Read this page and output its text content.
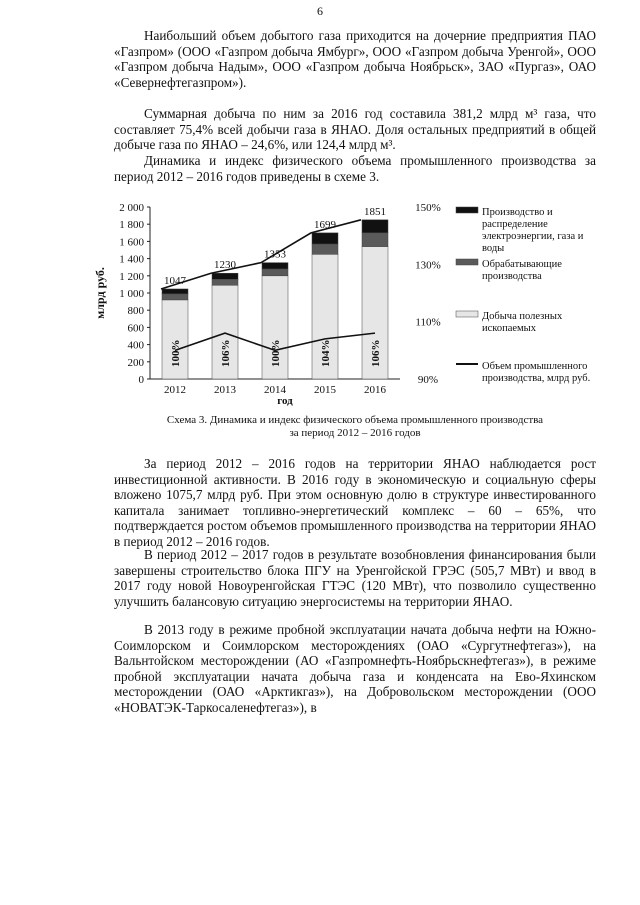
6

Наибольший объем добытого газа приходится на дочерние предприятия ПАО «Газпром» (ООО «Газпром добыча Ямбург», ООО «Газпром добыча Уренгой», ООО «Газпром добыча Надым», ООО «Газпром добыча Ноябрьск», ЗАО «Пургаз», ОАО «Севернефтегазпром»).

Суммарная добыча по ним за 2016 год составила 381,2 млрд м³ газа, что составляет 75,4% всей добычи газа в ЯНАО. Доля остальных предприятий в общей добыче газа по ЯНАО – 24,6%, или 124,4 млрд м³.

Динамика и индекс физического объема промышленного производства за период 2012 – 2016 годов приведены в схеме 3.

0
200
400
600
800
1 000
1 200
1 400
1 600
1 800
2 000
млрд руб.
90%
110%
130%
150%
1047
100%
2012
1230
106%
2013
1353
100%
2014
1699
104%
2015
1851
106%
2016
год
Производство и
распределение
электроэнергии, газа и
воды
Обрабатывающие
производства
Добыча полезных
ископаемых
Объем промышленного
производства, млрд руб.
Схема 3. Динамика и индекс физического объема промышленного производства
за период 2012 – 2016 годов

За период 2012 – 2016 годов на территории ЯНАО наблюдается рост инвестиционной активности. В 2016 году в экономическую и социальную сферы вложено 1075,7 млрд руб. При этом основную долю в структуре инвестированного капитала занимает топливно-энергетический комплекс – 60 – 65%, что подтверждается ростом объемов промышленного производства на территории ЯНАО в период 2012 – 2016 годов.

В период 2012 – 2017 годов в результате возобновления финансирования были завершены строительство блока ПГУ на Уренгойской ГРЭС (505,7 МВт) и ввод в 2017 году новой Новоуренгойская ГТЭС (120 МВт), что позволило существенно улучшить балансовую ситуацию энергосистемы на территории ЯНАО.

В 2013 году в режиме пробной эксплуатации начата добыча нефти на Южно-Соимлорском и Соимлорском месторождениях (ОАО «Сургутнефтегаз»), на Вальнтойском месторождении (АО «Газпромнефть-Ноябрьскнефтегаз»), в режиме пробной эксплуатации начата добыча газа и конденсата на Ево-Яхинском месторождении (ОАО «Арктикгаз»), на Добровольском месторождении (ООО «НОВАТЭК-Таркосаленефтегаз»), в
